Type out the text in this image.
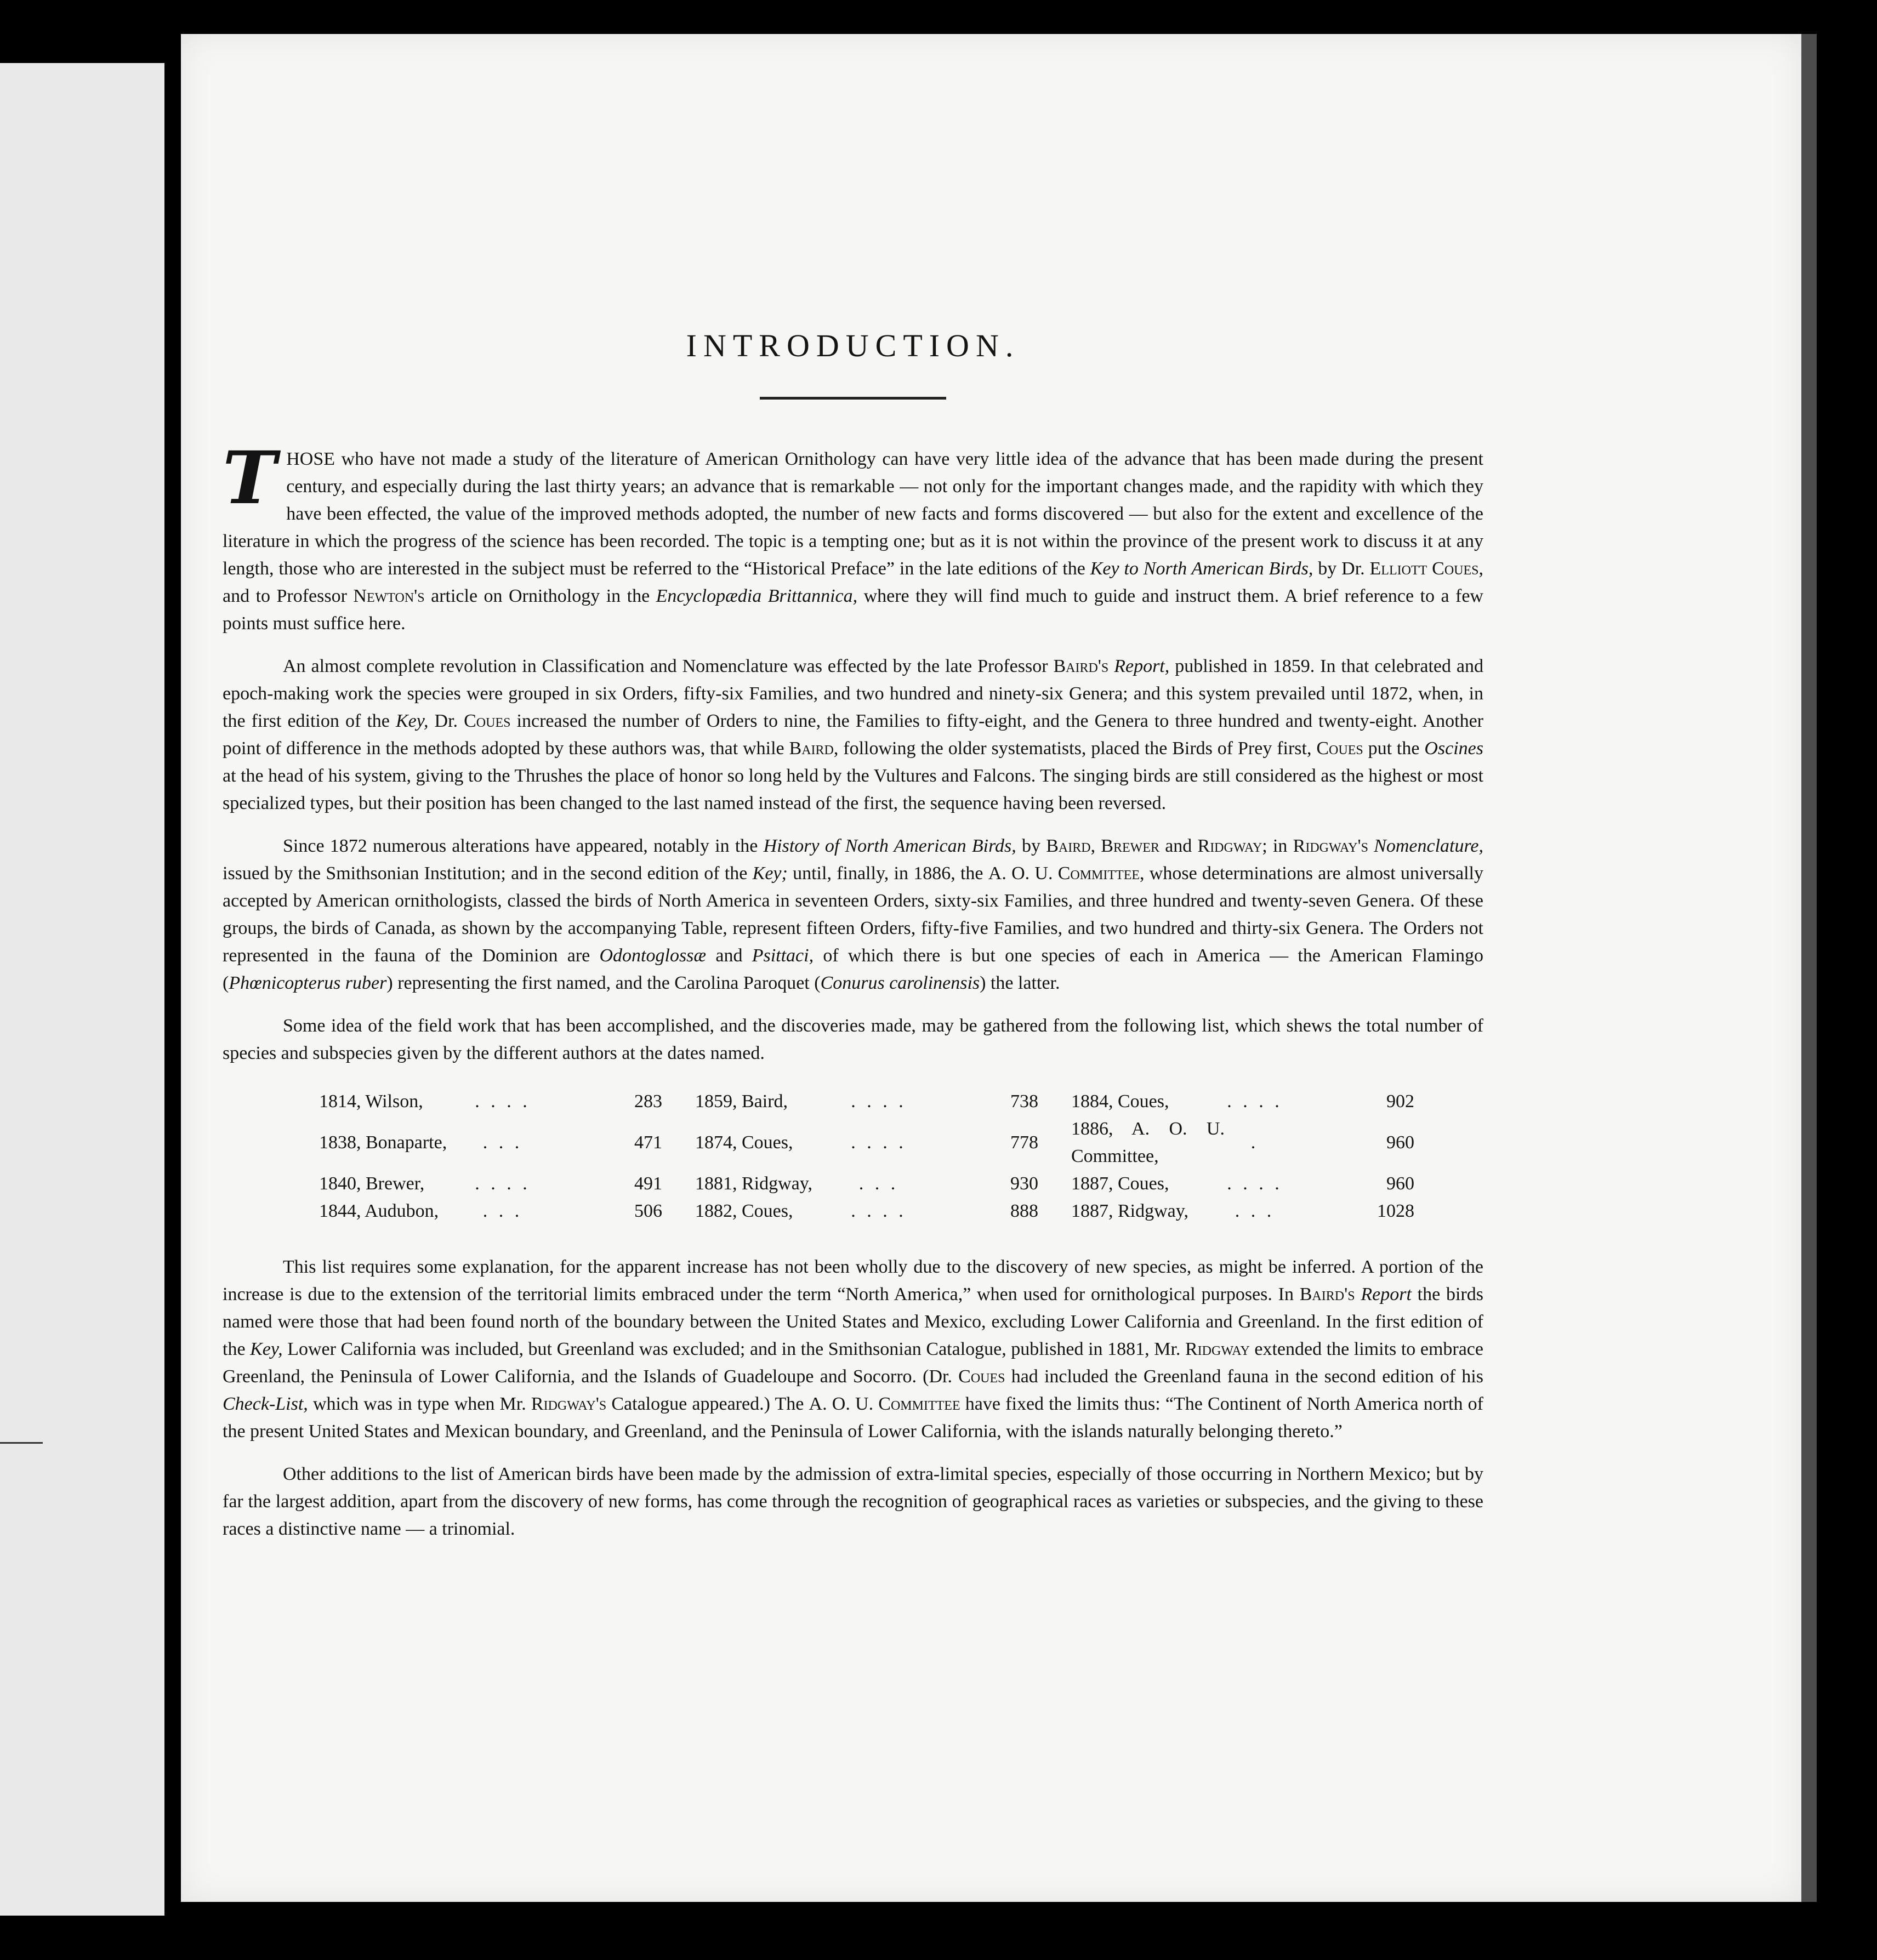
INTRODUCTION.

THOSE who have not made a study of the literature of American Ornithology can have very little idea of the advance that has been made during the present century, and especially during the last thirty years; an advance that is remarkable — not only for the important changes made, and the rapidity with which they have been effected, the value of the improved methods adopted, the number of new facts and forms discovered — but also for the extent and excellence of the literature in which the progress of the science has been recorded. The topic is a tempting one; but as it is not within the province of the present work to discuss it at any length, those who are interested in the subject must be referred to the “Historical Preface” in the late editions of the Key to North American Birds, by Dr. Elliott Coues, and to Professor Newton's article on Ornithology in the Encyclopædia Brittannica, where they will find much to guide and instruct them. A brief reference to a few points must suffice here.

An almost complete revolution in Classification and Nomenclature was effected by the late Professor Baird's Report, published in 1859. In that celebrated and epoch-making work the species were grouped in six Orders, fifty-six Families, and two hundred and ninety-six Genera; and this system prevailed until 1872, when, in the first edition of the Key, Dr. Coues increased the number of Orders to nine, the Families to fifty-eight, and the Genera to three hundred and twenty-eight. Another point of difference in the methods adopted by these authors was, that while Baird, following the older systematists, placed the Birds of Prey first, Coues put the Oscines at the head of his system, giving to the Thrushes the place of honor so long held by the Vultures and Falcons. The singing birds are still considered as the highest or most specialized types, but their position has been changed to the last named instead of the first, the sequence having been reversed.

Since 1872 numerous alterations have appeared, notably in the History of North American Birds, by Baird, Brewer and Ridgway; in Ridgway's Nomenclature, issued by the Smithsonian Institution; and in the second edition of the Key; until, finally, in 1886, the A. O. U. Committee, whose determinations are almost universally accepted by American ornithologists, classed the birds of North America in seventeen Orders, sixty-six Families, and three hundred and twenty-seven Genera. Of these groups, the birds of Canada, as shown by the accompanying Table, represent fifteen Orders, fifty-five Families, and two hundred and thirty-six Genera. The Orders not represented in the fauna of the Dominion are Odontoglossæ and Psittaci, of which there is but one species of each in America — the American Flamingo (Phœnicopterus ruber) representing the first named, and the Carolina Paroquet (Conurus carolinensis) the latter.

Some idea of the field work that has been accomplished, and the discoveries made, may be gathered from the following list, which shews the total number of species and subspecies given by the different authors at the dates named.

1814, Wilson,	. . . .	283	1859, Baird,	. . . .	738	1884, Coues,	. . . .	902
1838, Bonaparte,	. . .	471	1874, Coues,	. . . .	778	1886, A. O. U. Committee,	.	960
1840, Brewer,	. . . .	491	1881, Ridgway,	. . .	930	1887, Coues,	. . . .	960
1844, Audubon,	. . .	506	1882, Coues,	. . . .	888	1887, Ridgway,	. . .	1028

This list requires some explanation, for the apparent increase has not been wholly due to the discovery of new species, as might be inferred. A portion of the increase is due to the extension of the territorial limits embraced under the term “North America,” when used for ornithological purposes. In Baird's Report the birds named were those that had been found north of the boundary between the United States and Mexico, excluding Lower California and Greenland. In the first edition of the Key, Lower California was included, but Greenland was excluded; and in the Smithsonian Catalogue, published in 1881, Mr. Ridgway extended the limits to embrace Greenland, the Peninsula of Lower California, and the Islands of Guadeloupe and Socorro. (Dr. Coues had included the Greenland fauna in the second edition of his Check-List, which was in type when Mr. Ridgway's Catalogue appeared.) The A. O. U. Committee have fixed the limits thus: “The Continent of North America north of the present United States and Mexican boundary, and Greenland, and the Peninsula of Lower California, with the islands naturally belonging thereto.”

Other additions to the list of American birds have been made by the admission of extra-limital species, especially of those occurring in Northern Mexico; but by far the largest addition, apart from the discovery of new forms, has come through the recognition of geographical races as varieties or subspecies, and the giving to these races a distinctive name — a trinomial.
